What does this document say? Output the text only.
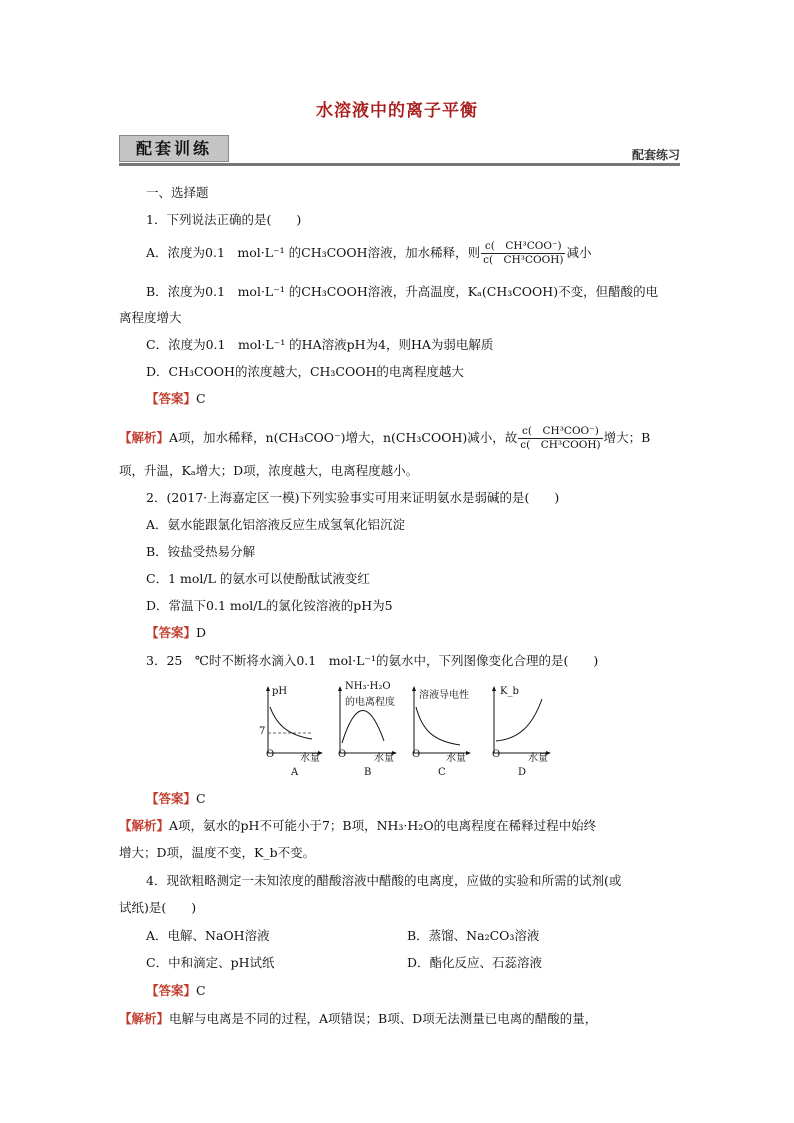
水溶液中的离子平衡
配套训练	配套练习
一、选择题
1．下列说法正确的是(　　)
A．浓度为0.1　mol·L⁻¹ 的CH₃COOH溶液，加水稀释，则 $\frac{\text{c(　CH³COO⁻)}}{\text{c(　CH³COOH)}}$ 减小
B．浓度为0.1　mol·L⁻¹ 的CH₃COOH溶液，升高温度，Kₐ(CH₃COOH)不变，但醋酸的电
离程度增大
C．浓度为0.1　mol·L⁻¹ 的HA溶液pH为4，则HA为弱电解质
D．CH₃COOH的浓度越大，CH₃COOH的电离程度越大
【答案】C
【解析】A项，加水稀释，n(CH₃COO⁻)增大，n(CH₃COOH)减小，故 $\frac{\text{c(　CH³COO⁻)}}{\text{c(　CH³COOH)}}$ 增大；B
项，升温，Kₐ增大；D项，浓度越大，电离程度越小。
2．(2017·上海嘉定区一模)下列实验事实可用来证明氨水是弱碱的是(　　)
A．氨水能跟氯化铝溶液反应生成氢氧化铝沉淀
B．铵盐受热易分解
C．1 mol/L 的氨水可以使酚酞试液变红
D．常温下0.1 mol/L的氯化铵溶液的pH为5
【答案】D
3．25　℃时不断将水滴入0.1　mol·L⁻¹的氨水中，下列图像变化合理的是(　　)
pH
7
O	水量
A
NH₃·H₂O
的电离程度
O	水量
B
溶液导电性
O	水量
C
K_b
O	水量
D
【答案】C
【解析】A项，氨水的pH不可能小于7；B项，NH₃·H₂O的电离程度在稀释过程中始终
增大；D项，温度不变，K_b不变。
4．现欲粗略测定一未知浓度的醋酸溶液中醋酸的电离度，应做的实验和所需的试剂(或
试纸)是(　　)
A．电解、NaOH溶液	B．蒸馏、Na₂CO₃溶液
C．中和滴定、pH试纸	D．酯化反应、石蕊溶液
【答案】C
【解析】电解与电离是不同的过程，A项错误；B项、D项无法测量已电离的醋酸的量，
